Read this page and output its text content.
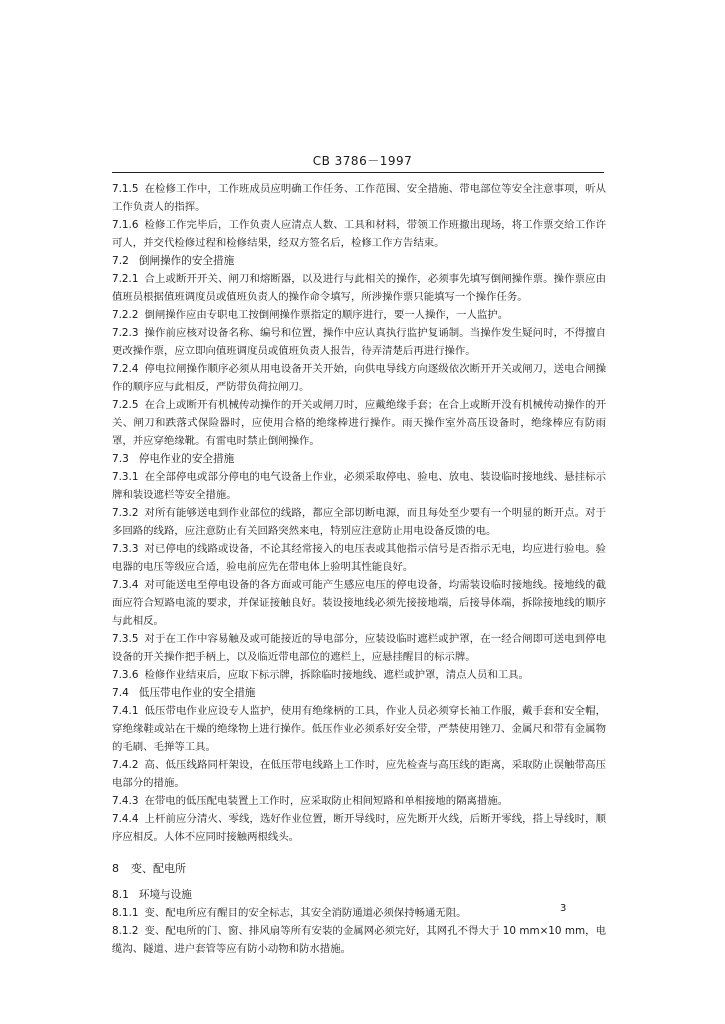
CB 3786－1997

7.1.5 在检修工作中，工作班成员应明确工作任务、工作范围、安全措施、带电部位等安全注意事项，听从工作负责人的指挥。

7.1.6 检修工作完毕后，工作负责人应清点人数、工具和材料，带领工作班撤出现场，将工作票交给工作许可人，并交代检修过程和检修结果，经双方签名后，检修工作方告结束。

7.2 倒闸操作的安全措施

7.2.1 合上或断开开关、闸刀和熔断器，以及进行与此相关的操作，必须事先填写倒闸操作票。操作票应由值班员根据值班调度员或值班负责人的操作命令填写，所涉操作票只能填写一个操作任务。

7.2.2 倒闸操作应由专职电工按倒闸操作票指定的顺序进行，要一人操作，一人监护。

7.2.3 操作前应核对设备名称、编号和位置，操作中应认真执行监护复诵制。当操作发生疑问时，不得擅自更改操作票，应立即向值班调度员或值班负责人报告，待弄清楚后再进行操作。

7.2.4 停电拉闸操作顺序必须从用电设备开关开始，向供电导线方向逐级依次断开开关或闸刀，送电合闸操作的顺序应与此相反，严防带负荷拉闸刀。

7.2.5 在合上或断开有机械传动操作的开关或闸刀时，应戴绝缘手套；在合上或断开没有机械传动操作的开关、闸刀和跌落式保险器时，应使用合格的绝缘棒进行操作。雨天操作室外高压设备时，绝缘棒应有防雨罩，并应穿绝缘靴。有雷电时禁止倒闸操作。

7.3 停电作业的安全措施

7.3.1 在全部停电或部分停电的电气设备上作业，必须采取停电、验电、放电、装设临时接地线、悬挂标示牌和装设遮栏等安全措施。

7.3.2 对所有能够送电到作业部位的线路，都应全部切断电源，而且每处至少要有一个明显的断开点。对于多回路的线路，应注意防止有关回路突然来电，特别应注意防止用电设备反馈的电。

7.3.3 对已停电的线路或设备，不论其经常接入的电压表或其他指示信号是否指示无电，均应进行验电。验电器的电压等级应合适，验电前应先在带电体上验明其性能良好。

7.3.4 对可能送电至停电设备的各方面或可能产生感应电压的停电设备，均需装设临时接地线。接地线的截面应符合短路电流的要求，并保证接触良好。装设接地线必须先接接地端，后接导体端，拆除接地线的顺序与此相反。

7.3.5 对于在工作中容易触及或可能接近的导电部分，应装设临时遮栏或护罩，在一经合闸即可送电到停电设备的开关操作把手柄上，以及临近带电部位的遮栏上，应悬挂醒目的标示牌。

7.3.6 检修作业结束后，应取下标示牌，拆除临时接地线、遮栏或护罩，清点人员和工具。

7.4 低压带电作业的安全措施

7.4.1 低压带电作业应设专人监护，使用有绝缘柄的工具，作业人员必须穿长袖工作服，戴手套和安全帽，穿绝缘鞋或站在干燥的绝缘物上进行操作。低压作业必须系好安全带，严禁使用锉刀、金属尺和带有金属物的毛刷、毛掸等工具。

7.4.2 高、低压线路同杆架设，在低压带电线路上工作时，应先检查与高压线的距离，采取防止误触带高压电部分的措施。

7.4.3 在带电的低压配电装置上工作时，应采取防止相间短路和单相接地的隔离措施。

7.4.4 上杆前应分清火、零线，选好作业位置，断开导线时，应先断开火线，后断开零线，搭上导线时，顺序应相反。人体不应同时接触两根线头。

8 变、配电所

8.1 环境与设施

8.1.1 变、配电所应有醒目的安全标志，其安全消防通道必须保持畅通无阻。

8.1.2 变、配电所的门、窗、排风扇等所有安装的金属网必须完好，其网孔不得大于 10 mm×10 mm，电缆沟、隧道、进户套管等应有防小动物和防水措施。

3
